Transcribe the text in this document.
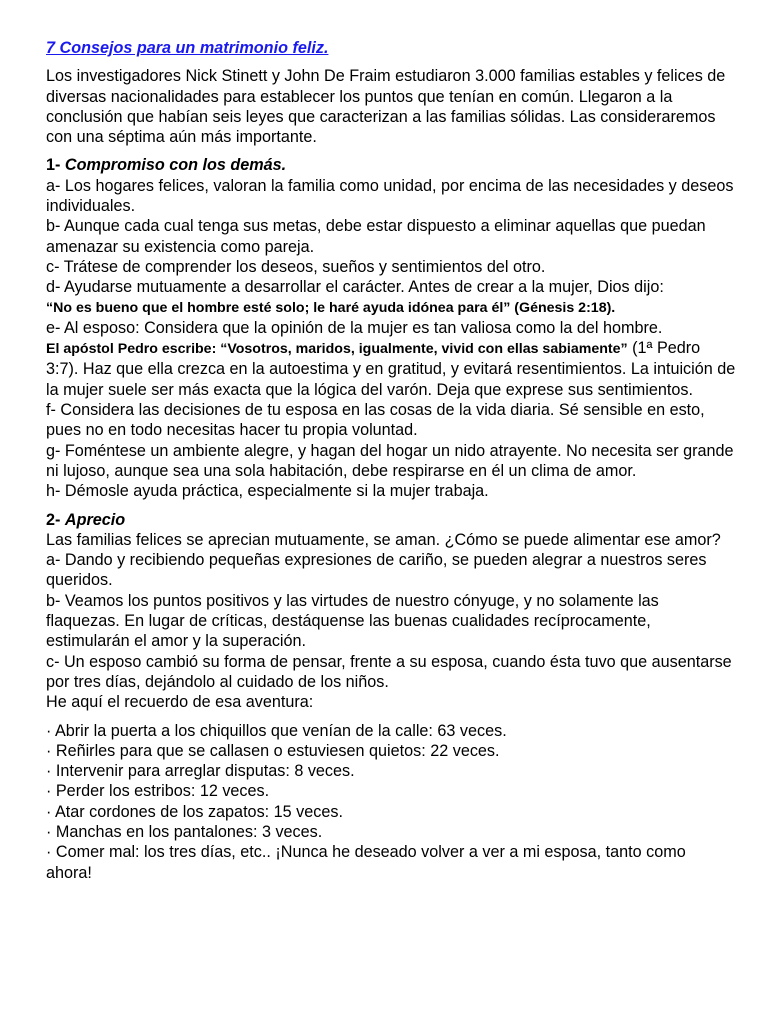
7 Consejos para un matrimonio feliz.

Los investigadores Nick Stinett y John De Fraim estudiaron 3.000 familias estables y felices de diversas nacionalidades para establecer los puntos que tenían en común. Llegaron a la conclusión que habían seis leyes que caracterizan a las familias sólidas. Las consideraremos con una séptima aún más importante.

1- Compromiso con los demás.

a- Los hogares felices, valoran la familia como unidad, por encima de las necesidades y deseos individuales.

b- Aunque cada cual tenga sus metas, debe estar dispuesto a eliminar aquellas que puedan amenazar su existencia como pareja.

c- Trátese de comprender los deseos, sueños y sentimientos del otro.

d- Ayudarse mutuamente a desarrollar el carácter. Antes de crear a la mujer, Dios dijo:

“No es bueno que el hombre esté solo; le haré ayuda idónea para él” (Génesis 2:18).

e- Al esposo: Considera que la opinión de la mujer es tan valiosa como la del hombre.

El apóstol Pedro escribe: “Vosotros, maridos, igualmente, vivid con ellas sabiamente” (1ª Pedro 3:7). Haz que ella crezca en la autoestima y en gratitud, y evitará resentimientos. La intuición de la mujer suele ser más exacta que la lógica del varón. Deja que exprese sus sentimientos.

f- Considera las decisiones de tu esposa en las cosas de la vida diaria. Sé sensible en esto, pues no en todo necesitas hacer tu propia voluntad.

g- Foméntese un ambiente alegre, y hagan del hogar un nido atrayente. No necesita ser grande ni lujoso, aunque sea una sola habitación, debe respirarse en él un clima de amor.

h- Démosle ayuda práctica, especialmente si la mujer trabaja.

2- Aprecio

Las familias felices se aprecian mutuamente, se aman. ¿Cómo se puede alimentar ese amor?

a- Dando y recibiendo pequeñas expresiones de cariño, se pueden alegrar a nuestros seres queridos.

b- Veamos los puntos positivos y las virtudes de nuestro cónyuge, y no solamente las flaquezas. En lugar de críticas, destáquense las buenas cualidades recíprocamente, estimularán el amor y la superación.

c- Un esposo cambió su forma de pensar, frente a su esposa, cuando ésta tuvo que ausentarse por tres días, dejándolo al cuidado de los niños.

He aquí el recuerdo de esa aventura:

· Abrir la puerta a los chiquillos que venían de la calle: 63 veces.
· Reñirles para que se callasen o estuviesen quietos: 22 veces.
· Intervenir para arreglar disputas: 8 veces.
· Perder los estribos: 12 veces.
· Atar cordones de los zapatos: 15 veces.
· Manchas en los pantalones: 3 veces.
· Comer mal: los tres días, etc.. ¡Nunca he deseado volver a ver a mi esposa, tanto como ahora!
